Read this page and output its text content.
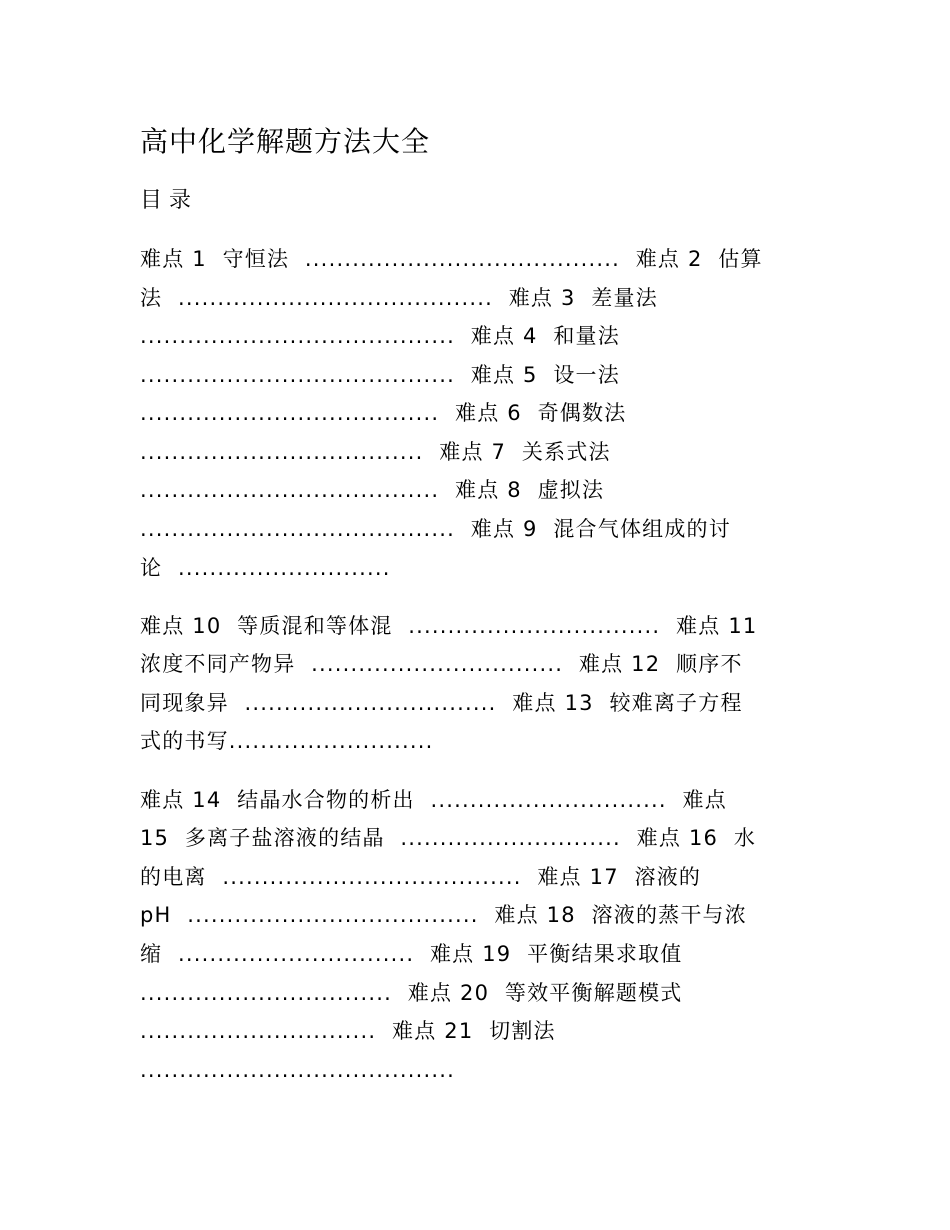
高中化学解题方法大全
目 录
难点 1  守恒法  ........................................  难点 2  估算
法  ........................................  难点 3  差量法
........................................  难点 4  和量法
........................................  难点 5  设一法
......................................  难点 6  奇偶数法
....................................  难点 7  关系式法
......................................  难点 8  虚拟法
........................................  难点 9  混合气体组成的讨
论  ...........................
难点 10  等质混和等体混  ................................  难点 11
浓度不同产物异  ................................  难点 12  顺序不
同现象异  ................................  难点 13  较难离子方程
式的书写..........................
难点 14  结晶水合物的析出  ..............................  难点
15  多离子盐溶液的结晶  ............................  难点 16  水
的电离  ......................................  难点 17  溶液的
pH  .....................................  难点 18  溶液的蒸干与浓
缩  ..............................  难点 19  平衡结果求取值
................................  难点 20  等效平衡解题模式
..............................  难点 21  切割法
........................................
